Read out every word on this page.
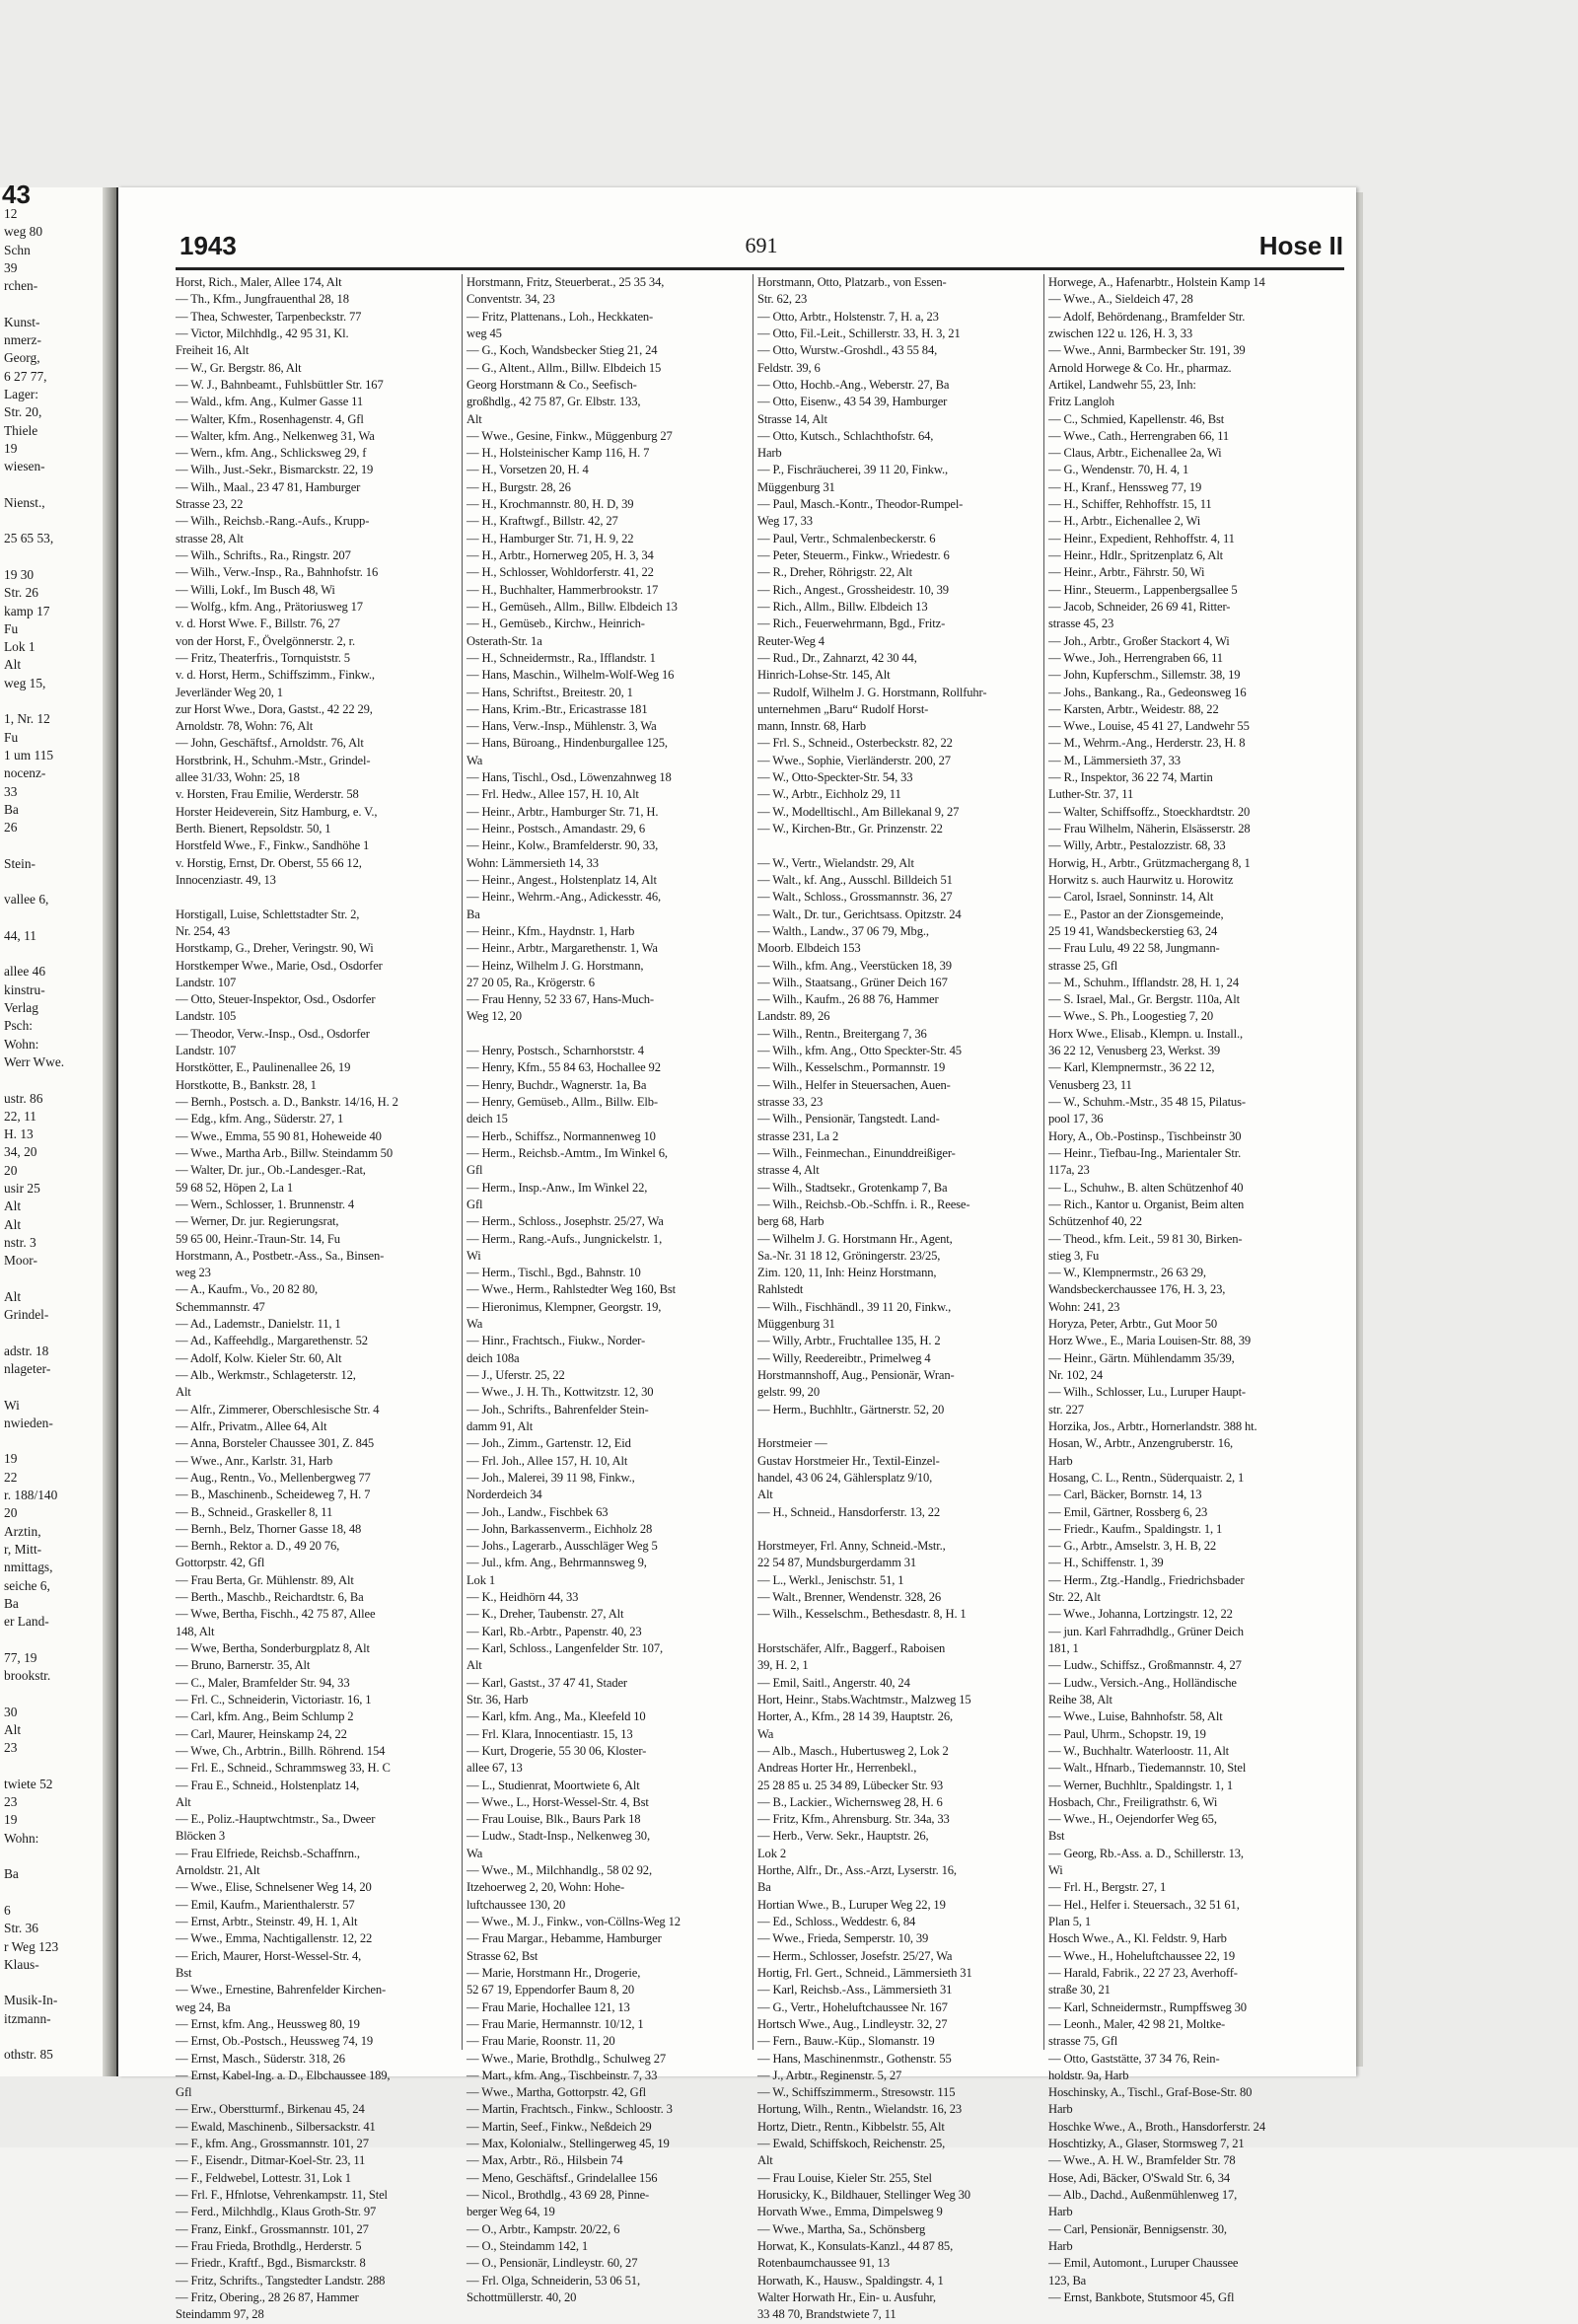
43
12
weg 80
Schn
39
rchen-
Kunst-
nmerz-
Georg,
6 27 77,
Lager:
Str. 20,
Thiele
19
wiesen-
Nienst.,
25 65 53,
19 30
Str. 26
kamp 17
Fu
Lok 1
Alt
weg 15,
1, Nr. 12
Fu
1 um 115
nocenz-
33
Ba
26
Stein-
vallee 6,
44, 11
allee 46
kinstru-
Verlag
Psch:
Wohn:
Werr Wwe.
ustr. 86
22, 11
H. 13
34, 20
20
usir 25
Alt
Alt
nstr. 3
Moor-
Alt
Grindel-
adstr. 18
nlageter-
Wi
nwieden-
19
22
r. 188/140
20
Arztin,
r, Mitt-
nmittags,
seiche 6,
Ba
er Land-
77, 19
brookstr.
30
Alt
23
twiete 52
23
19
Wohn:
Ba
6
Str. 36
r Weg 123
Klaus-
Musik-In-
itzmann-
othstr. 85
1943	691	Hose II
Horst, Rich., Maler, Allee 174, Alt
— Th., Kfm., Jungfrauenthal 28, 18
— Thea, Schwester, Tarpenbeckstr. 77
— Victor, Milchhdlg., 42 95 31, Kl.
Freiheit 16, Alt
— W., Gr. Bergstr. 86, Alt
— W. J., Bahnbeamt., Fuhlsbüttler Str. 167
— Wald., kfm. Ang., Kulmer Gasse 11
— Walter, Kfm., Rosenhagenstr. 4, Gfl
— Walter, kfm. Ang., Nelkenweg 31, Wa
— Wern., kfm. Ang., Schlicksweg 29, f
— Wilh., Just.-Sekr., Bismarckstr. 22, 19
— Wilh., Maal., 23 47 81, Hamburger
Strasse 23, 22
— Wilh., Reichsb.-Rang.-Aufs., Krupp-
strasse 28, Alt
— Wilh., Schrifts., Ra., Ringstr. 207
— Wilh., Verw.-Insp., Ra., Bahnhofstr. 16
— Willi, Lokf., Im Busch 48, Wi
— Wolfg., kfm. Ang., Prätoriusweg 17
v. d. Horst Wwe. F., Billstr. 76, 27
von der Horst, F., Övelgönnerstr. 2, r.
— Fritz, Theaterfris., Tornquiststr. 5
v. d. Horst, Herm., Schiffszimm., Finkw.,
Jeverländer Weg 20, 1
zur Horst Wwe., Dora, Gastst., 42 22 29,
Arnoldstr. 78, Wohn: 76, Alt
— John, Geschäftsf., Arnoldstr. 76, Alt
Horstbrink, H., Schuhm.-Mstr., Grindel-
allee 31/33, Wohn: 25, 18
v. Horsten, Frau Emilie, Werderstr. 58
Horster Heideverein, Sitz Hamburg, e. V.,
Berth. Bienert, Repsoldstr. 50, 1
Horstfeld Wwe., F., Finkw., Sandhöhe 1
v. Horstig, Ernst, Dr. Oberst, 55 66 12,
Innocenziastr. 49, 13
Horstigall, Luise, Schlettstadter Str. 2,
Nr. 254, 43
Horstkamp, G., Dreher, Veringstr. 90, Wi
Horstkemper Wwe., Marie, Osd., Osdorfer
Landstr. 107
— Otto, Steuer-Inspektor, Osd., Osdorfer
Landstr. 105
— Theodor, Verw.-Insp., Osd., Osdorfer
Landstr. 107
Horstkötter, E., Paulinenallee 26, 19
Horstkotte, B., Bankstr. 28, 1
— Bernh., Postsch. a. D., Bankstr. 14/16, H. 2
— Edg., kfm. Ang., Süderstr. 27, 1
— Wwe., Emma, 55 90 81, Hoheweide 40
— Wwe., Martha Arb., Billw. Steindamm 50
— Walter, Dr. jur., Ob.-Landesger.-Rat,
59 68 52, Höpen 2, La 1
— Wern., Schlosser, 1. Brunnenstr. 4
— Werner, Dr. jur. Regierungsrat,
59 65 00, Heinr.-Traun-Str. 14, Fu
Horstmann, A., Postbetr.-Ass., Sa., Binsen-
weg 23
— A., Kaufm., Vo., 20 82 80,
Schemmannstr. 47
— Ad., Lademstr., Danielstr. 11, 1
— Ad., Kaffeehdlg., Margarethenstr. 52
— Adolf, Kolw. Kieler Str. 60, Alt
— Alb., Werkmstr., Schlageterstr. 12,
Alt
— Alfr., Zimmerer, Oberschlesische Str. 4
— Alfr., Privatm., Allee 64, Alt
— Anna, Borsteler Chaussee 301, Z. 845
— Wwe., Anr., Karlstr. 31, Harb
— Aug., Rentn., Vo., Mellenbergweg 77
— B., Maschinenb., Scheideweg 7, H. 7
— B., Schneid., Graskeller 8, 11
— Bernh., Belz, Thorner Gasse 18, 48
— Bernh., Rektor a. D., 49 20 76,
Gottorpstr. 42, Gfl
— Frau Berta, Gr. Mühlenstr. 89, Alt
— Berth., Maschb., Reichardtstr. 6, Ba
— Wwe, Bertha, Fischh., 42 75 87, Allee
148, Alt
— Wwe, Bertha, Sonderburgplatz 8, Alt
— Bruno, Barnerstr. 35, Alt
— C., Maler, Bramfelder Str. 94, 33
— Frl. C., Schneiderin, Victoriastr. 16, 1
— Carl, kfm. Ang., Beim Schlump 2
— Carl, Maurer, Heinskamp 24, 22
— Wwe, Ch., Arbtrin., Billh. Röhrend. 154
— Frl. E., Schneid., Schrammsweg 33, H. C
— Frau E., Schneid., Holstenplatz 14,
Alt
— E., Poliz.-Hauptwchtmstr., Sa., Dweer
Blöcken 3
— Frau Elfriede, Reichsb.-Schaffnrn.,
Arnoldstr. 21, Alt
— Wwe., Elise, Schnelsener Weg 14, 20
— Emil, Kaufm., Marienthalerstr. 57
— Ernst, Arbtr., Steinstr. 49, H. 1, Alt
— Wwe., Emma, Nachtigallenstr. 12, 22
— Erich, Maurer, Horst-Wessel-Str. 4,
Bst
— Wwe., Ernestine, Bahrenfelder Kirchen-
weg 24, Ba
— Ernst, kfm. Ang., Heussweg 80, 19
— Ernst, Ob.-Postsch., Heussweg 74, 19
— Ernst, Masch., Süderstr. 318, 26
— Ernst, Kabel-Ing. a. D., Elbchaussee 189,
Gfl
— Erw., Oberstturmf., Birkenau 45, 24
— Ewald, Maschinenb., Silbersackstr. 41
— F., kfm. Ang., Grossmannstr. 101, 27
— F., Eisendr., Ditmar-Koel-Str. 23, 11
— F., Feldwebel, Lottestr. 31, Lok 1
— Frl. F., Hfnlotse, Vehrenkampstr. 11, Stel
— Ferd., Milchhdlg., Klaus Groth-Str. 97
— Franz, Einkf., Grossmannstr. 101, 27
— Frau Frieda, Brothdlg., Herderstr. 5
— Friedr., Kraftf., Bgd., Bismarckstr. 8
— Fritz, Schrifts., Tangstedter Landstr. 288
— Fritz, Obering., 28 26 87, Hammer
Steindamm 97, 28
Horstmann, Fritz, Steuerberat., 25 35 34,
Conventstr. 34, 23
— Fritz, Plattenans., Loh., Heckkaten-
weg 45
— G., Koch, Wandsbecker Stieg 21, 24
— G., Altent., Allm., Billw. Elbdeich 15
Georg Horstmann & Co., Seefisch-
großhdlg., 42 75 87, Gr. Elbstr. 133,
Alt
— Wwe., Gesine, Finkw., Müggenburg 27
— H., Holsteinischer Kamp 116, H. 7
— H., Vorsetzen 20, H. 4
— H., Burgstr. 28, 26
— H., Krochmannstr. 80, H. D, 39
— H., Kraftwgf., Billstr. 42, 27
— H., Hamburger Str. 71, H. 9, 22
— H., Arbtr., Hornerweg 205, H. 3, 34
— H., Schlosser, Wohldorferstr. 41, 22
— H., Buchhalter, Hammerbrookstr. 17
— H., Gemüseh., Allm., Billw. Elbdeich 13
— H., Gemüseb., Kirchw., Heinrich-
Osterath-Str. 1a
— H., Schneidermstr., Ra., Ifflandstr. 1
— Hans, Maschin., Wilhelm-Wolf-Weg 16
— Hans, Schriftst., Breitestr. 20, 1
— Hans, Krim.-Btr., Ericastrasse 181
— Hans, Verw.-Insp., Mühlenstr. 3, Wa
— Hans, Büroang., Hindenburgallee 125,
Wa
— Hans, Tischl., Osd., Löwenzahnweg 18
— Frl. Hedw., Allee 157, H. 10, Alt
— Heinr., Arbtr., Hamburger Str. 71, H.
— Heinr., Postsch., Amandastr. 29, 6
— Heinr., Kolw., Bramfelderstr. 90, 33,
Wohn: Lämmersieth 14, 33
— Heinr., Angest., Holstenplatz 14, Alt
— Heinr., Wehrm.-Ang., Adickesstr. 46,
Ba
— Heinr., Kfm., Haydnstr. 1, Harb
— Heinr., Arbtr., Margarethenstr. 1, Wa
— Heinz, Wilhelm J. G. Horstmann,
27 20 05, Ra., Krögerstr. 6
— Frau Henny, 52 33 67, Hans-Much-
Weg 12, 20
— Henry, Postsch., Scharnhorststr. 4
— Henry, Kfm., 55 84 63, Hochallee 92
— Henry, Buchdr., Wagnerstr. 1a, Ba
— Henry, Gemüseb., Allm., Billw. Elb-
deich 15
— Herb., Schiffsz., Normannenweg 10
— Herm., Reichsb.-Amtm., Im Winkel 6,
Gfl
— Herm., Insp.-Anw., Im Winkel 22,
Gfl
— Herm., Schloss., Josephstr. 25/27, Wa
— Herm., Rang.-Aufs., Jungnickelstr. 1,
Wi
— Herm., Tischl., Bgd., Bahnstr. 10
— Wwe., Herm., Rahlstedter Weg 160, Bst
— Hieronimus, Klempner, Georgstr. 19,
Wa
— Hinr., Frachtsch., Fiukw., Norder-
deich 108a
— J., Uferstr. 25, 22
— Wwe., J. H. Th., Kottwitzstr. 12, 30
— Joh., Schrifts., Bahrenfelder Stein-
damm 91, Alt
— Joh., Zimm., Gartenstr. 12, Eid
— Frl. Joh., Allee 157, H. 10, Alt
— Joh., Malerei, 39 11 98, Finkw.,
Norderdeich 34
— Joh., Landw., Fischbek 63
— John, Barkassenverm., Eichholz 28
— Johs., Lagerarb., Ausschläger Weg 5
— Jul., kfm. Ang., Behrmannsweg 9,
Lok 1
— K., Heidhörn 44, 33
— K., Dreher, Taubenstr. 27, Alt
— Karl, Rb.-Arbtr., Papenstr. 40, 23
— Karl, Schloss., Langenfelder Str. 107,
Alt
— Karl, Gastst., 37 47 41, Stader
Str. 36, Harb
— Karl, kfm. Ang., Ma., Kleefeld 10
— Frl. Klara, Innocentiastr. 15, 13
— Kurt, Drogerie, 55 30 06, Kloster-
allee 67, 13
— L., Studienrat, Moortwiete 6, Alt
— Wwe., L., Horst-Wessel-Str. 4, Bst
— Frau Louise, Blk., Baurs Park 18
— Ludw., Stadt-Insp., Nelkenweg 30,
Wa
— Wwe., M., Milchhandlg., 58 02 92,
Itzehoerweg 2, 20, Wohn: Hohe-
luftchaussee 130, 20
— Wwe., M. J., Finkw., von-Cöllns-Weg 12
— Frau Margar., Hebamme, Hamburger
Strasse 62, Bst
— Marie, Horstmann Hr., Drogerie,
52 67 19, Eppendorfer Baum 8, 20
— Frau Marie, Hochallee 121, 13
— Frau Marie, Hermannstr. 10/12, 1
— Frau Marie, Roonstr. 11, 20
— Wwe., Marie, Brothdlg., Schulweg 27
— Mart., kfm. Ang., Tischbeinstr. 7, 33
— Wwe., Martha, Gottorpstr. 42, Gfl
— Martin, Frachtsch., Finkw., Schloostr. 3
— Martin, Seef., Finkw., Neßdeich 29
— Max, Kolonialw., Stellingerweg 45, 19
— Max, Arbtr., Rö., Hilsbein 74
— Meno, Geschäftsf., Grindelallee 156
— Nicol., Brothdlg., 43 69 28, Pinne-
berger Weg 64, 19
— O., Arbtr., Kampstr. 20/22, 6
— O., Steindamm 142, 1
— O., Pensionär, Lindleystr. 60, 27
— Frl. Olga, Schneiderin, 53 06 51,
Schottmüllerstr. 40, 20
Horstmann, Otto, Platzarb., von Essen-
Str. 62, 23
— Otto, Arbtr., Holstenstr. 7, H. a, 23
— Otto, Fil.-Leit., Schillerstr. 33, H. 3, 21
— Otto, Wurstw.-Groshdl., 43 55 84,
Feldstr. 39, 6
— Otto, Hochb.-Ang., Weberstr. 27, Ba
— Otto, Eisenw., 43 54 39, Hamburger
Strasse 14, Alt
— Otto, Kutsch., Schlachthofstr. 64,
Harb
— P., Fischräucherei, 39 11 20, Finkw.,
Müggenburg 31
— Paul, Masch.-Kontr., Theodor-Rumpel-
Weg 17, 33
— Paul, Vertr., Schmalenbeckerstr. 6
— Peter, Steuerm., Finkw., Wriedestr. 6
— R., Dreher, Röhrigstr. 22, Alt
— Rich., Angest., Grossheidestr. 10, 39
— Rich., Allm., Billw. Elbdeich 13
— Rich., Feuerwehrmann, Bgd., Fritz-
Reuter-Weg 4
— Rud., Dr., Zahnarzt, 42 30 44,
Hinrich-Lohse-Str. 145, Alt
— Rudolf, Wilhelm J. G. Horstmann, Rollfuhr-
unternehmen „Baru“ Rudolf Horst-
mann, Innstr. 68, Harb
— Frl. S., Schneid., Osterbeckstr. 82, 22
— Wwe., Sophie, Vierländerstr. 200, 27
— W., Otto-Speckter-Str. 54, 33
— W., Arbtr., Eichholz 29, 11
— W., Modelltischl., Am Billekanal 9, 27
— W., Kirchen-Btr., Gr. Prinzenstr. 22
— W., Vertr., Wielandstr. 29, Alt
— Walt., kf. Ang., Ausschl. Billdeich 51
— Walt., Schloss., Grossmannstr. 36, 27
— Walt., Dr. tur., Gerichtsass. Opitzstr. 24
— Walth., Landw., 37 06 79, Mbg.,
Moorb. Elbdeich 153
— Wilh., kfm. Ang., Veerstücken 18, 39
— Wilh., Staatsang., Grüner Deich 167
— Wilh., Kaufm., 26 88 76, Hammer
Landstr. 89, 26
— Wilh., Rentn., Breitergang 7, 36
— Wilh., kfm. Ang., Otto Speckter-Str. 45
— Wilh., Kesselschm., Pormannstr. 19
— Wilh., Helfer in Steuersachen, Auen-
strasse 33, 23
— Wilh., Pensionär, Tangstedt. Land-
strasse 231, La 2
— Wilh., Feinmechan., Einunddreißiger-
strasse 4, Alt
— Wilh., Stadtsekr., Grotenkamp 7, Ba
— Wilh., Reichsb.-Ob.-Schffn. i. R., Reese-
berg 68, Harb
— Wilhelm J. G. Horstmann Hr., Agent,
Sa.-Nr. 31 18 12, Gröningerstr. 23/25,
Zim. 120, 11, Inh: Heinz Horstmann,
Rahlstedt
— Wilh., Fischhändl., 39 11 20, Finkw.,
Müggenburg 31
— Willy, Arbtr., Fruchtallee 135, H. 2
— Willy, Reedereibtr., Primelweg 4
Horstmannshoff, Aug., Pensionär, Wran-
gelstr. 99, 20
— Herm., Buchhltr., Gärtnerstr. 52, 20
Horstmeier —
Gustav Horstmeier Hr., Textil-Einzel-
handel, 43 06 24, Gählersplatz 9/10,
Alt
— H., Schneid., Hansdorferstr. 13, 22
Horstmeyer, Frl. Anny, Schneid.-Mstr.,
22 54 87, Mundsburgerdamm 31
— L., Werkl., Jenischstr. 51, 1
— Walt., Brenner, Wendenstr. 328, 26
— Wilh., Kesselschm., Bethesdastr. 8, H. 1
Horstschäfer, Alfr., Baggerf., Raboisen
39, H. 2, 1
— Emil, Saitl., Angerstr. 40, 24
Hort, Heinr., Stabs.Wachtmstr., Malzweg 15
Horter, A., Kfm., 28 14 39, Hauptstr. 26,
Wa
— Alb., Masch., Hubertusweg 2, Lok 2
Andreas Horter Hr., Herrenbekl.,
25 28 85 u. 25 34 89, Lübecker Str. 93
— B., Lackier., Wichernsweg 28, H. 6
— Fritz, Kfm., Ahrensburg. Str. 34a, 33
— Herb., Verw. Sekr., Hauptstr. 26,
Lok 2
Horthe, Alfr., Dr., Ass.-Arzt, Lyserstr. 16,
Ba
Hortian Wwe., B., Luruper Weg 22, 19
— Ed., Schloss., Weddestr. 6, 84
— Wwe., Frieda, Semperstr. 10, 39
— Herm., Schlosser, Josefstr. 25/27, Wa
Hortig, Frl. Gert., Schneid., Lämmersieth 31
— Karl, Reichsb.-Ass., Lämmersieth 31
— G., Vertr., Hoheluftchaussee Nr. 167
Hortsch Wwe., Aug., Lindleystr. 32, 27
— Fern., Bauw.-Küp., Slomanstr. 19
— Hans, Maschinenmstr., Gothenstr. 55
— J., Arbtr., Reginenstr. 5, 27
— W., Schiffszimmerm., Stresowstr. 115
Hortung, Wilh., Rentn., Wielandstr. 16, 23
Hortz, Dietr., Rentn., Kibbelstr. 55, Alt
— Ewald, Schiffskoch, Reichenstr. 25,
Alt
— Frau Louise, Kieler Str. 255, Stel
Horusicky, K., Bildhauer, Stellinger Weg 30
Horvath Wwe., Emma, Dimpelsweg 9
— Wwe., Martha, Sa., Schönsberg
Horwat, K., Konsulats-Kanzl., 44 87 85,
Rotenbaumchaussee 91, 13
Horwath, K., Hausw., Spaldingstr. 4, 1
Walter Horwath Hr., Ein- u. Ausfuhr,
33 48 70, Brandstwiete 7, 11
Horwege, A., Hafenarbtr., Holstein Kamp 14
— Wwe., A., Sieldeich 47, 28
— Adolf, Behördenang., Bramfelder Str.
zwischen 122 u. 126, H. 3, 33
— Wwe., Anni, Barmbecker Str. 191, 39
Arnold Horwege & Co. Hr., pharmaz.
Artikel, Landwehr 55, 23, Inh:
Fritz Langloh
— C., Schmied, Kapellenstr. 46, Bst
— Wwe., Cath., Herrengraben 66, 11
— Claus, Arbtr., Eichenallee 2a, Wi
— G., Wendenstr. 70, H. 4, 1
— H., Kranf., Henssweg 77, 19
— H., Schiffer, Rehhoffstr. 15, 11
— H., Arbtr., Eichenallee 2, Wi
— Heinr., Expedient, Rehhoffstr. 4, 11
— Heinr., Hdlr., Spritzenplatz 6, Alt
— Heinr., Arbtr., Fährstr. 50, Wi
— Hinr., Steuerm., Lappenbergsallee 5
— Jacob, Schneider, 26 69 41, Ritter-
strasse 45, 23
— Joh., Arbtr., Großer Stackort 4, Wi
— Wwe., Joh., Herrengraben 66, 11
— John, Kupferschm., Sillemstr. 38, 19
— Johs., Bankang., Ra., Gedeonsweg 16
— Karsten, Arbtr., Weidestr. 88, 22
— Wwe., Louise, 45 41 27, Landwehr 55
— M., Wehrm.-Ang., Herderstr. 23, H. 8
— M., Lämmersieth 37, 33
— R., Inspektor, 36 22 74, Martin
Luther-Str. 37, 11
— Walter, Schiffsoffz., Stoeckhardtstr. 20
— Frau Wilhelm, Näherin, Elsässerstr. 28
— Willy, Arbtr., Pestalozzistr. 68, 33
Horwig, H., Arbtr., Grützmachergang 8, 1
Horwitz s. auch Haurwitz u. Horowitz
— Carol, Israel, Sonninstr. 14, Alt
— E., Pastor an der Zionsgemeinde,
25 19 41, Wandsbeckerstieg 63, 24
— Frau Lulu, 49 22 58, Jungmann-
strasse 25, Gfl
— M., Schuhm., Ifflandstr. 28, H. 1, 24
— S. Israel, Mal., Gr. Bergstr. 110a, Alt
— Wwe., S. Ph., Loogestieg 7, 20
Horx Wwe., Elisab., Klempn. u. Install.,
36 22 12, Venusberg 23, Werkst. 39
— Karl, Klempnermstr., 36 22 12,
Venusberg 23, 11
— W., Schuhm.-Mstr., 35 48 15, Pilatus-
pool 17, 36
Hory, A., Ob.-Postinsp., Tischbeinstr 30
— Heinr., Tiefbau-Ing., Marientaler Str.
117a, 23
— L., Schuhw., B. alten Schützenhof 40
— Rich., Kantor u. Organist, Beim alten
Schützenhof 40, 22
— Theod., kfm. Leit., 59 81 30, Birken-
stieg 3, Fu
— W., Klempnermstr., 26 63 29,
Wandsbeckerchaussee 176, H. 3, 23,
Wohn: 241, 23
Horyza, Peter, Arbtr., Gut Moor 50
Horz Wwe., E., Maria Louisen-Str. 88, 39
— Heinr., Gärtn. Mühlendamm 35/39,
Nr. 102, 24
— Wilh., Schlosser, Lu., Luruper Haupt-
str. 227
Horzika, Jos., Arbtr., Hornerlandstr. 388 ht.
Hosan, W., Arbtr., Anzengruberstr. 16,
Harb
Hosang, C. L., Rentn., Süderquaistr. 2, 1
— Carl, Bäcker, Bornstr. 14, 13
— Emil, Gärtner, Rossberg 6, 23
— Friedr., Kaufm., Spaldingstr. 1, 1
— G., Arbtr., Amselstr. 3, H. B, 22
— H., Schiffenstr. 1, 39
— Herm., Ztg.-Handlg., Friedrichsbader
Str. 22, Alt
— Wwe., Johanna, Lortzingstr. 12, 22
— jun. Karl Fahrradhdlg., Grüner Deich
181, 1
— Ludw., Schiffsz., Großmannstr. 4, 27
— Ludw., Versich.-Ang., Holländische
Reihe 38, Alt
— Wwe., Luise, Bahnhofstr. 58, Alt
— Paul, Uhrm., Schopstr. 19, 19
— W., Buchhaltr. Waterloostr. 11, Alt
— Walt., Hfnarb., Tiedemannstr. 10, Stel
— Werner, Buchhltr., Spaldingstr. 1, 1
Hosbach, Chr., Freiligrathstr. 6, Wi
— Wwe., H., Oejendorfer Weg 65,
Bst
— Georg, Rb.-Ass. a. D., Schillerstr. 13,
Wi
— Frl. H., Bergstr. 27, 1
— Hel., Helfer i. Steuersach., 32 51 61,
Plan 5, 1
Hosch Wwe., A., Kl. Feldstr. 9, Harb
— Wwe., H., Hoheluftchaussee 22, 19
— Harald, Fabrik., 22 27 23, Averhoff-
straße 30, 21
— Karl, Schneidermstr., Rumpffsweg 30
— Leonh., Maler, 42 98 21, Moltke-
strasse 75, Gfl
— Otto, Gaststätte, 37 34 76, Rein-
holdstr. 9a, Harb
Hoschinsky, A., Tischl., Graf-Bose-Str. 80
Harb
Hoschke Wwe., A., Broth., Hansdorferstr. 24
Hoschtizky, A., Glaser, Stormsweg 7, 21
— Wwe., A. H. W., Bramfelder Str. 78
Hose, Adi, Bäcker, O'Swald Str. 6, 34
— Alb., Dachd., Außenmühlenweg 17,
Harb
— Carl, Pensionär, Bennigsenstr. 30,
Harb
— Emil, Automont., Luruper Chaussee
123, Ba
— Ernst, Bankbote, Stutsmoor 45, Gfl
